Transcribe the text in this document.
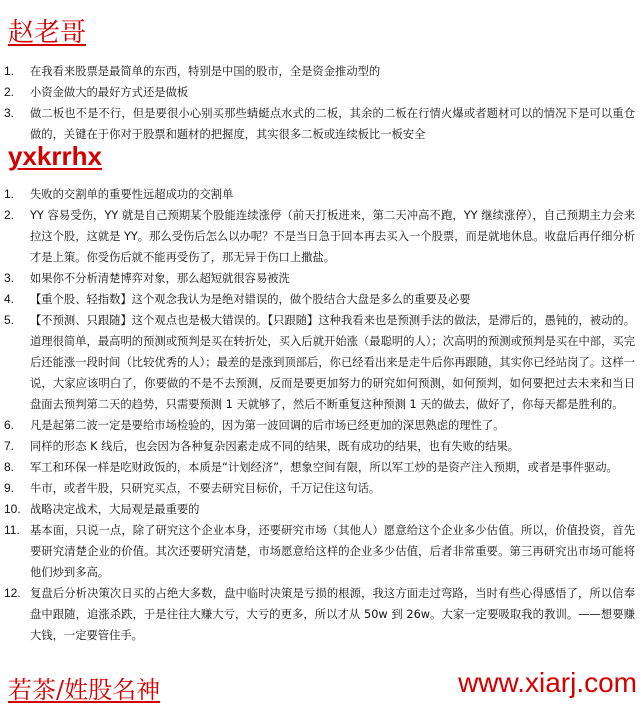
赵老哥
1. 在我看来股票是最简单的东西，特别是中国的股市，全是资金推动型的
2. 小资金做大的最好方式还是做板
3. 做二板也不是不行，但是要很小心别买那些蜻蜓点水式的二板，其余的二板在行情火爆或者题材可以的情况下是可以重仓做的，关键在于你对于股票和题材的把握度，其实很多二板或连续板比一板安全
yxkrrhx
1. 失败的交割单的重要性远超成功的交割单
2. YY 容易受伤，YY 就是自己预期某个股能连续涨停（前天打板进来，第二天冲高不跑，YY 继续涨停），自己预期主力会来拉这个股，这就是 YY。那么受伤后怎么以办呢？不是当日急于回本再去买入一个股票，而是就地休息。收盘后再仔细分析才是上策。你受伤后就不能再受伤了，那无异于伤口上撒盐。
3. 如果你不分析清楚博弈对象，那么超短就很容易被洗
4. 【重个股、轻指数】这个观念我认为是绝对错误的，做个股结合大盘是多么的重要及必要
5. 【不预测、只跟随】这个观点也是极大错误的。【只跟随】这种我看来也是预测手法的做法，是滞后的，愚钝的，被动的。道理很简单，最高明的预测或预判是买在转折处，买入后就开始涨（最聪明的人）；次高明的预测或预判是买在中部，买完后还能涨一段时间（比较优秀的人）；最差的是涨到顶部后，你已经看出来是走牛后你再跟随，其实你已经站岗了。这样一说，大家应该明白了，你要做的不是不去预测，反而是要更加努力的研究如何预测，如何预判，如何要把过去未来和当日盘面去预判第二天的趋势，只需要预测 1 天就够了，然后不断重复这种预测 1 天的做去，做好了，你每天都是胜利的。
6. 凡是起第二波一定是要给市场检验的，因为第一波回调的后市场已经更加的深思熟虑的理性了。
7. 同样的形态 K 线后，也会因为各种复杂因素走成不同的结果，既有成功的结果，也有失败的结果。
8. 军工和环保一样是吃财政饭的，本质是“计划经济”，想象空间有限，所以军工炒的是资产注入预期，或者是事件驱动。
9. 牛市，或者牛股，只研究买点，不要去研究目标价，千万记住这句话。
10. 战略决定战术，大局观是最重要的
11. 基本面，只说一点，除了研究这个企业本身，还要研究市场（其他人）愿意给这个企业多少估值。所以，价值投资，首先要研究清楚企业的价值。其次还要研究清楚，市场愿意给这样的企业多少估值，后者非常重要。第三再研究出市场可能将他们炒到多高。
12. 复盘后分析决策次日买的占绝大多数，盘中临时决策是亏损的根源，我这方面走过弯路，当时有些心得感悟了，所以信奉盘中跟随，追涨杀跌，于是往往大赚大亏，大亏的更多，所以才从 50w 到 26w。大家一定要吸取我的教训。——想要赚大钱，一定要管住手。
若茶/姓股名神	www.xiarj.com
